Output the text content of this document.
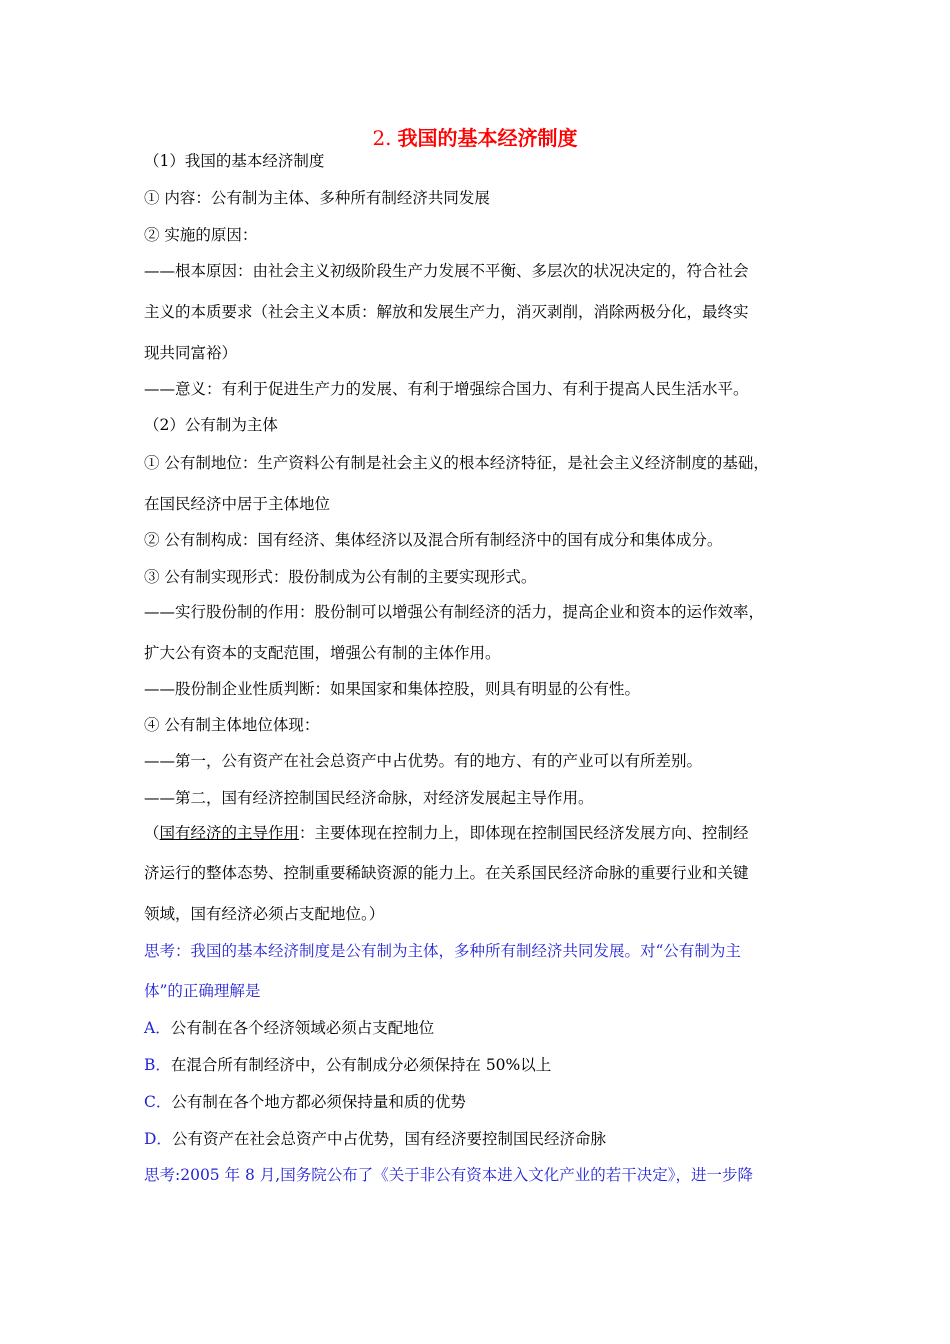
2. 我国的基本经济制度
（1）我国的基本经济制度
① 内容：公有制为主体、多种所有制经济共同发展
② 实施的原因：
——根本原因：由社会主义初级阶段生产力发展不平衡、多层次的状况决定的，符合社会
主义的本质要求（社会主义本质：解放和发展生产力，消灭剥削，消除两极分化，最终实
现共同富裕）
——意义：有利于促进生产力的发展、有利于增强综合国力、有利于提高人民生活水平。
（2）公有制为主体
① 公有制地位：生产资料公有制是社会主义的根本经济特征，是社会主义经济制度的基础，
在国民经济中居于主体地位
② 公有制构成：国有经济、集体经济以及混合所有制经济中的国有成分和集体成分。
③ 公有制实现形式：股份制成为公有制的主要实现形式。
——实行股份制的作用：股份制可以增强公有制经济的活力，提高企业和资本的运作效率，
扩大公有资本的支配范围，增强公有制的主体作用。
——股份制企业性质判断：如果国家和集体控股，则具有明显的公有性。
④ 公有制主体地位体现：
——第一，公有资产在社会总资产中占优势。有的地方、有的产业可以有所差别。
——第二，国有经济控制国民经济命脉，对经济发展起主导作用。
（国有经济的主导作用：主要体现在控制力上，即体现在控制国民经济发展方向、控制经
济运行的整体态势、控制重要稀缺资源的能力上。在关系国民经济命脉的重要行业和关键
领域，国有经济必须占支配地位。）
思考：我国的基本经济制度是公有制为主体，多种所有制经济共同发展。对“公有制为主
体”的正确理解是
A．公有制在各个经济领域必须占支配地位
B．在混合所有制经济中，公有制成分必须保持在 50%以上
C．公有制在各个地方都必须保持量和质的优势
D．公有资产在社会总资产中占优势，国有经济要控制国民经济命脉
思考:2005 年 8 月,国务院公布了《关于非公有资本进入文化产业的若干决定》，进一步降
